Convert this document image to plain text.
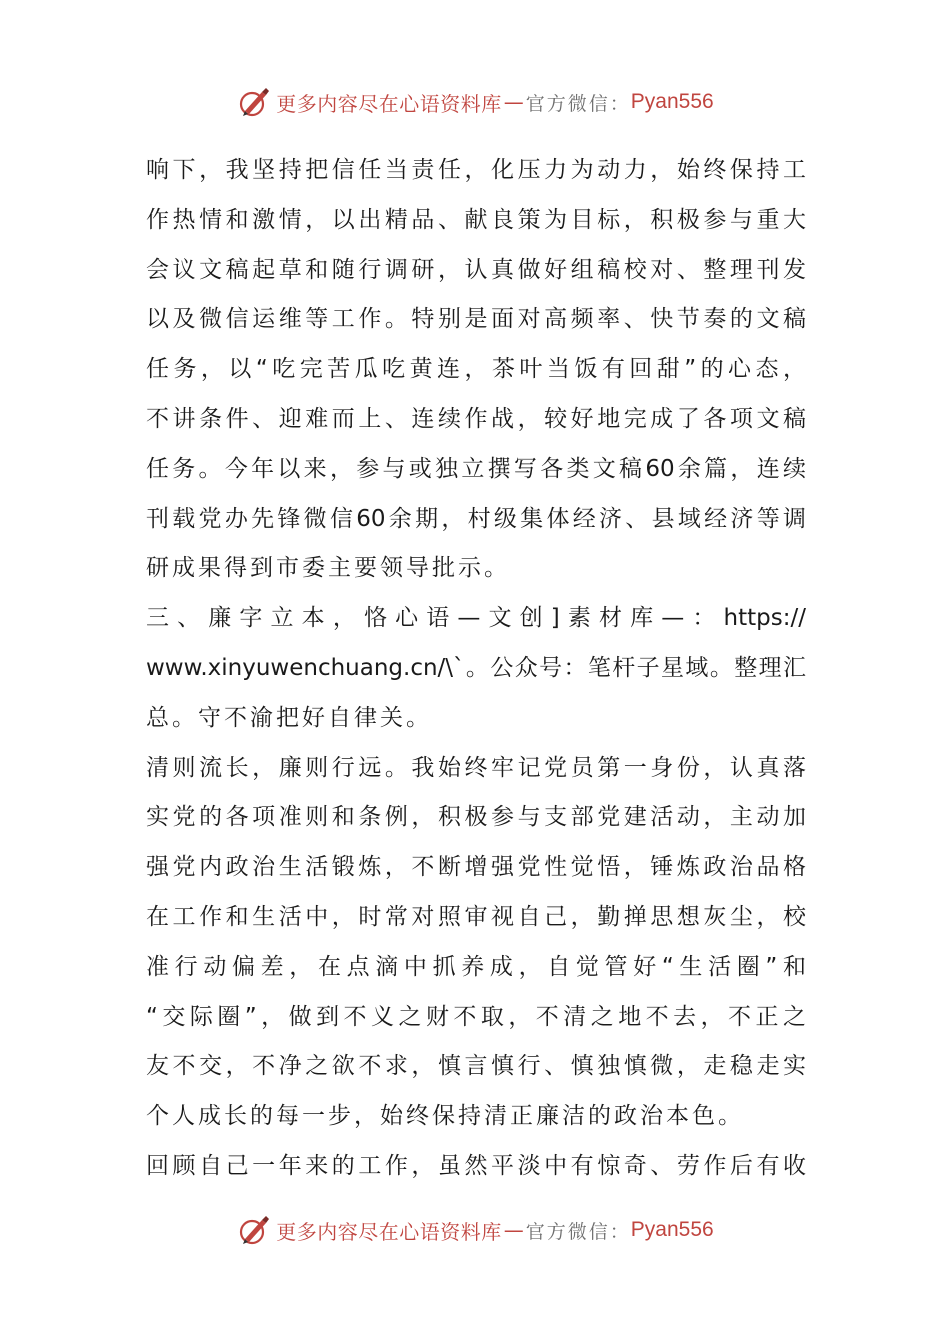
更多内容尽在心语资料库 — 官方微信： Pyan556
响下，我坚持把信任当责任，化压力为动力，始终保持工
作热情和激情，以出精品、献良策为目标，积极参与重大
会议文稿起草和随行调研，认真做好组稿校对、整理刊发
以及微信运维等工作。特别是面对高频率、快节奏的文稿
任务，以“吃完苦瓜吃黄连，茶叶当饭有回甜”的心态，
不讲条件、迎难而上、连续作战，较好地完成了各项文稿
任务。今年以来，参与或独立撰写各类文稿60余篇，连续
刊载党办先锋微信60余期，村级集体经济、县域经济等调
研成果得到市委主要领导批示。
三、廉字立本，恪心语—文创]素材库—：https://
www.xinyuwenchuang.cn/\`。公众号：笔杆子星域。整理汇
总。守不渝把好自律关。
清则流长，廉则行远。我始终牢记党员第一身份，认真落
实党的各项准则和条例，积极参与支部党建活动，主动加
强党内政治生活锻炼，不断增强党性觉悟，锤炼政治品格
在工作和生活中，时常对照审视自己，勤掸思想灰尘，校
准行动偏差，在点滴中抓养成，自觉管好“生活圈”和
“交际圈”，做到不义之财不取，不清之地不去，不正之
友不交，不净之欲不求，慎言慎行、慎独慎微，走稳走实
个人成长的每一步，始终保持清正廉洁的政治本色。
回顾自己一年来的工作，虽然平淡中有惊奇、劳作后有收
更多内容尽在心语资料库 — 官方微信： Pyan556
